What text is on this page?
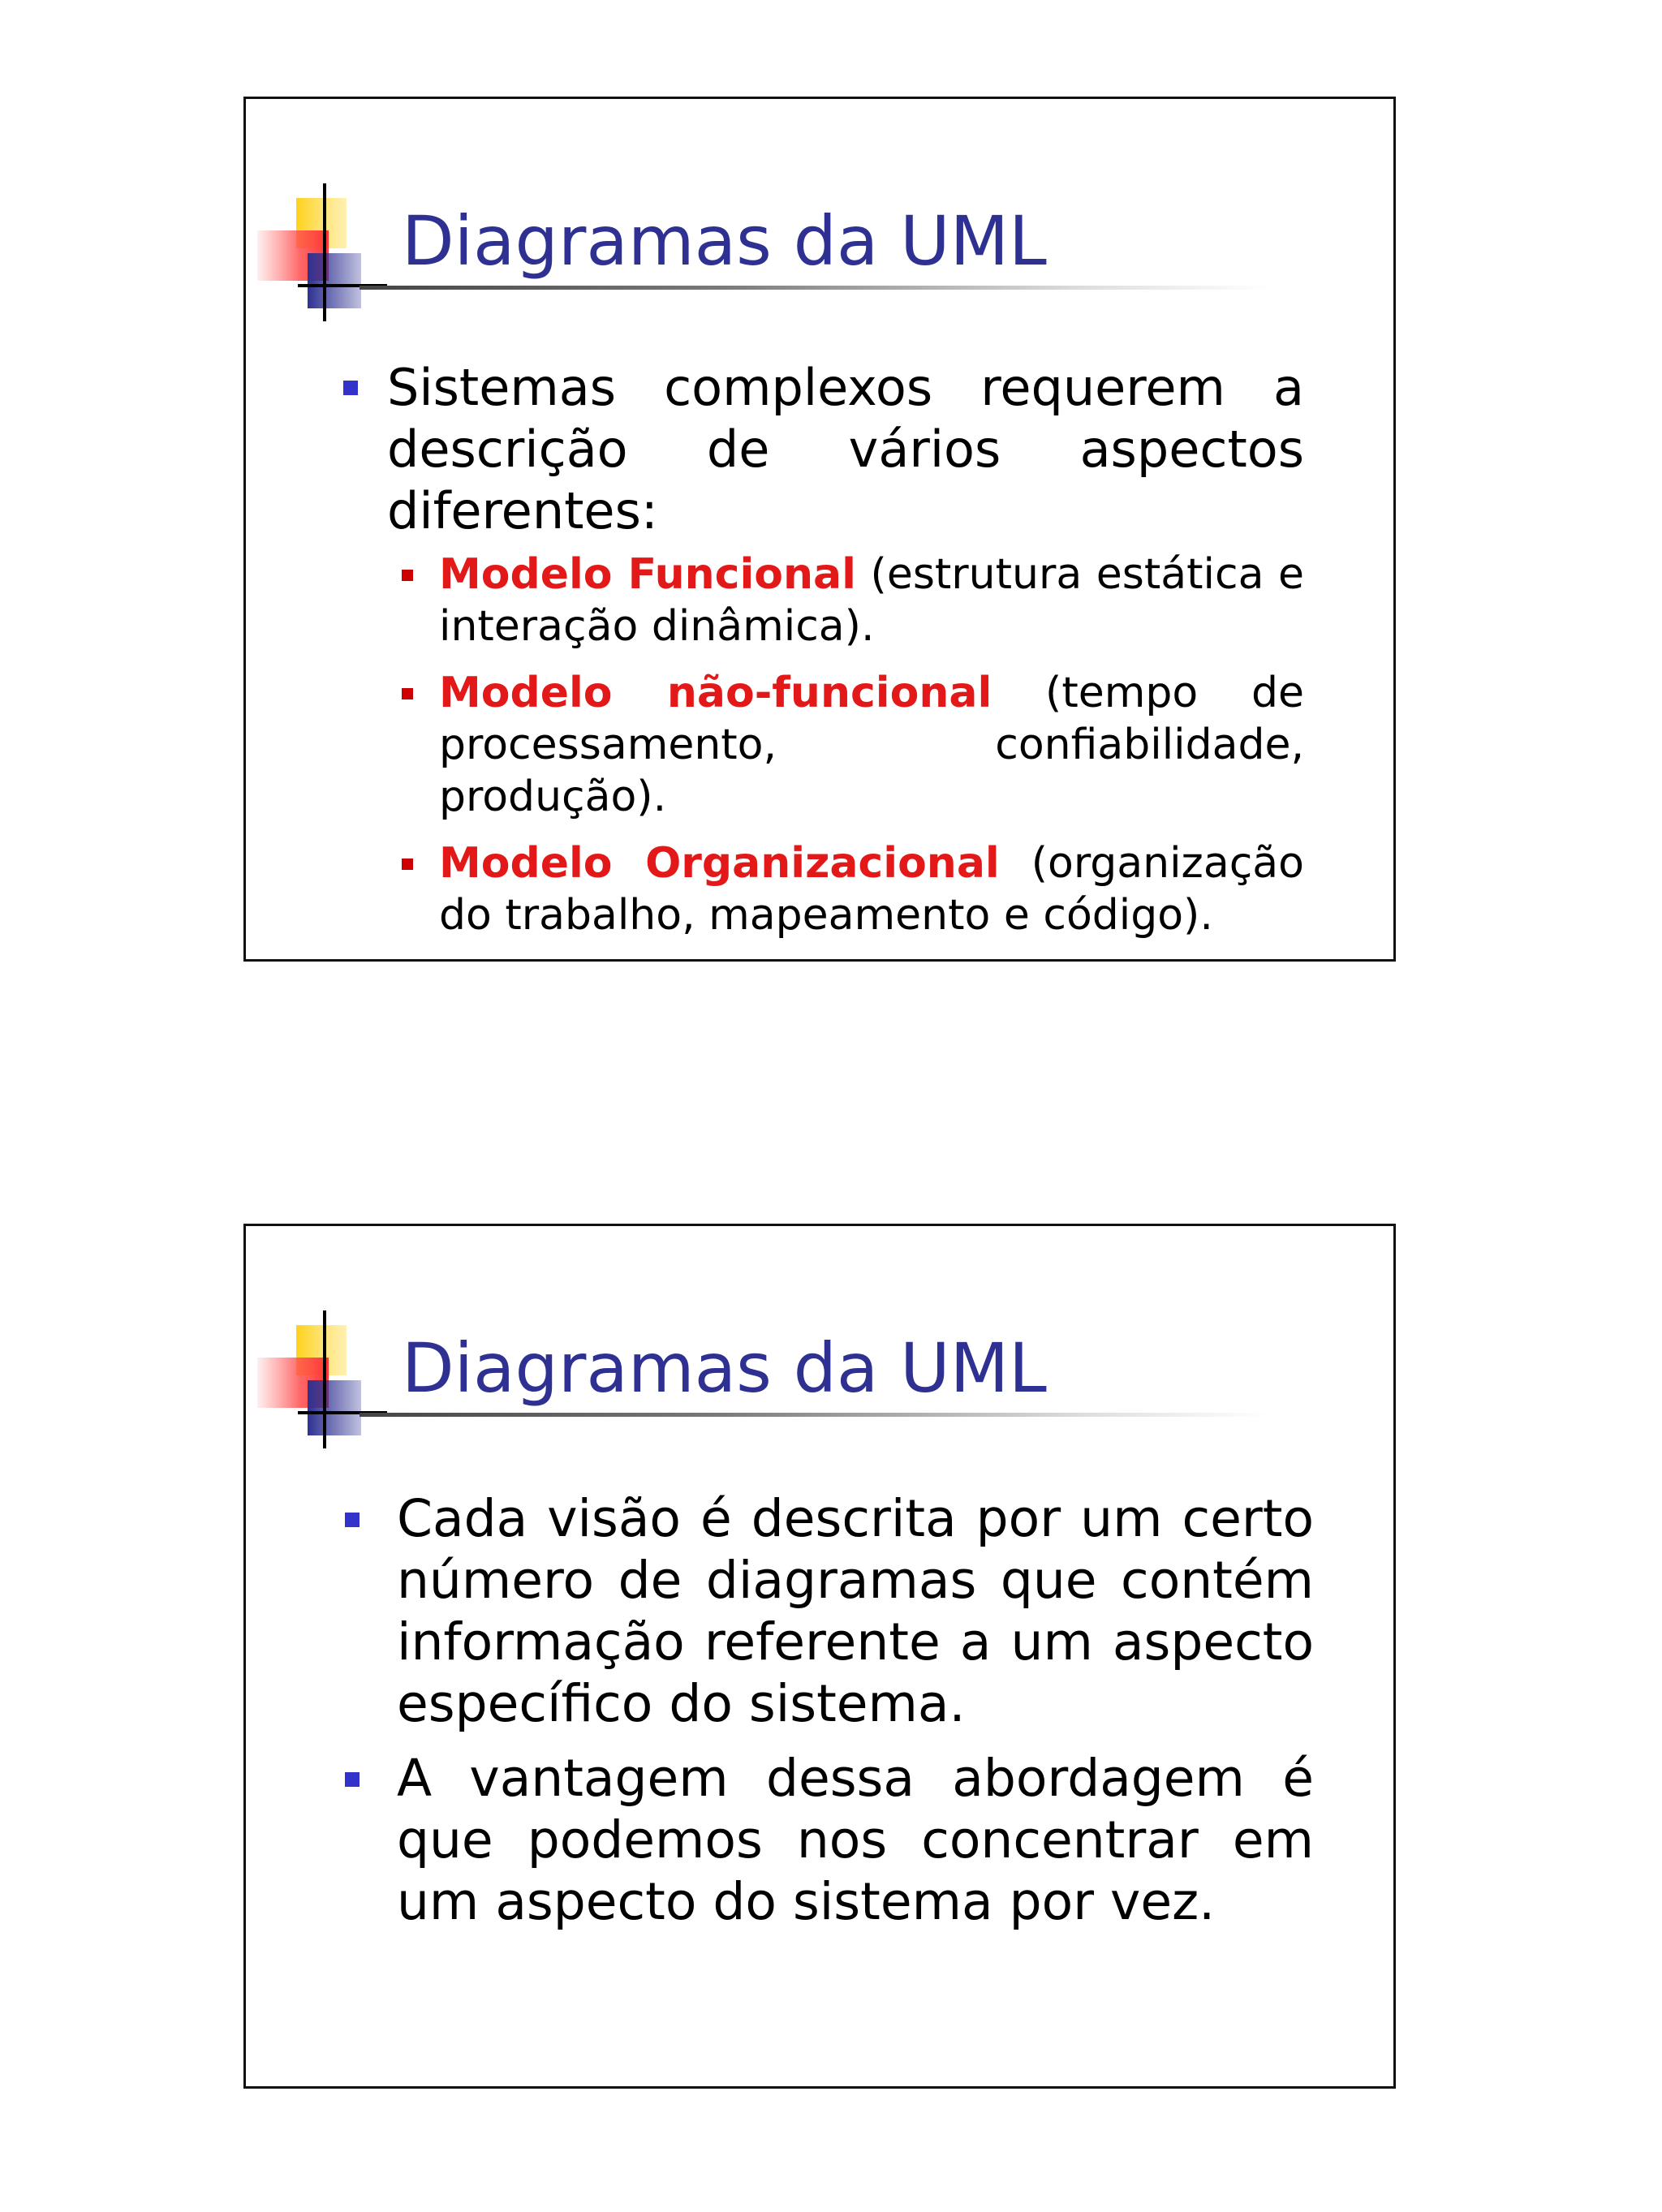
Diagramas da UML
Sistemas complexos requerem a descrição de vários aspectos diferentes:
Modelo Funcional (estrutura estática e interação dinâmica).
Modelo não-funcional (tempo de processamento, confiabilidade, produção).
Modelo Organizacional (organização do trabalho, mapeamento e código).
Diagramas da UML
Cada visão é descrita por um certo número de diagramas que contém informação referente a um aspecto específico do sistema.
A vantagem dessa abordagem é que podemos nos concentrar em um aspecto do sistema por vez.
